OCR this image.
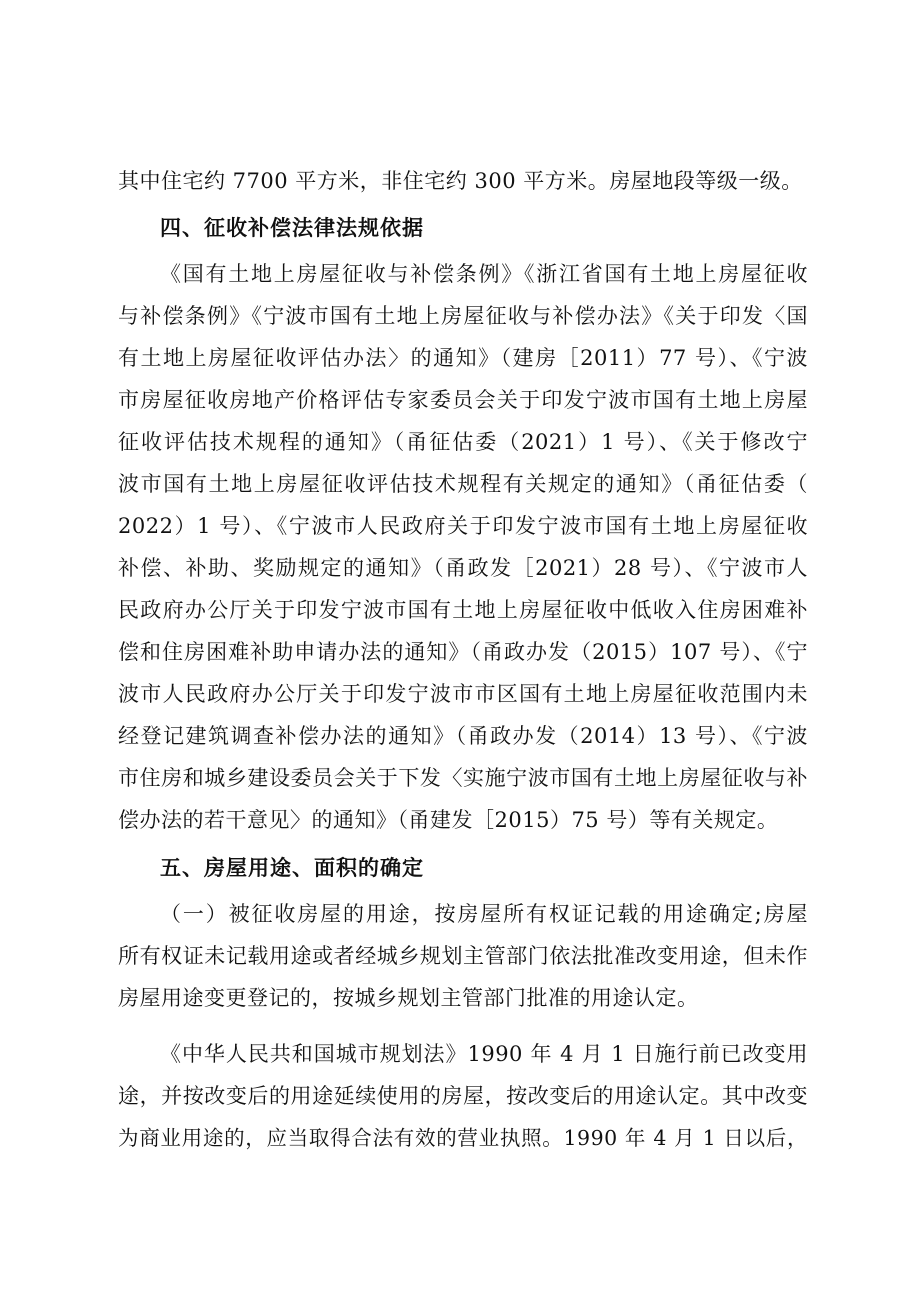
其中住宅约 7700 平方米，非住宅约 300 平方米。房屋地段等级一级。
四、征收补偿法律法规依据
《国有土地上房屋征收与补偿条例》《浙江省国有土地上房屋征收
与补偿条例》《宁波市国有土地上房屋征收与补偿办法》《关于印发〈国
有土地上房屋征收评估办法〉的通知》（建房［2011）77 号）、《宁波
市房屋征收房地产价格评估专家委员会关于印发宁波市国有土地上房屋
征收评估技术规程的通知》（甬征估委（2021）1 号）、《关于修改宁
波市国有土地上房屋征收评估技术规程有关规定的通知》（甬征估委（
2022）1 号）、《宁波市人民政府关于印发宁波市国有土地上房屋征收
补偿、补助、奖励规定的通知》（甬政发［2021）28 号）、《宁波市人
民政府办公厅关于印发宁波市国有土地上房屋征收中低收入住房困难补
偿和住房困难补助申请办法的通知》（甬政办发（2015）107 号）、《宁
波市人民政府办公厅关于印发宁波市市区国有土地上房屋征收范围内未
经登记建筑调查补偿办法的通知》（甬政办发（2014）13 号）、《宁波
市住房和城乡建设委员会关于下发〈实施宁波市国有土地上房屋征收与补
偿办法的若干意见〉的通知》（甬建发［2015）75 号）等有关规定。
五、房屋用途、面积的确定
（一）被征收房屋的用途，按房屋所有权证记载的用途确定;房屋
所有权证未记载用途或者经城乡规划主管部门依法批准改变用途，但未作
房屋用途变更登记的，按城乡规划主管部门批准的用途认定。
《中华人民共和国城市规划法》1990 年 4 月 1 日施行前已改变用
途，并按改变后的用途延续使用的房屋，按改变后的用途认定。其中改变
为商业用途的，应当取得合法有效的营业执照。1990 年 4 月 1 日以后，
